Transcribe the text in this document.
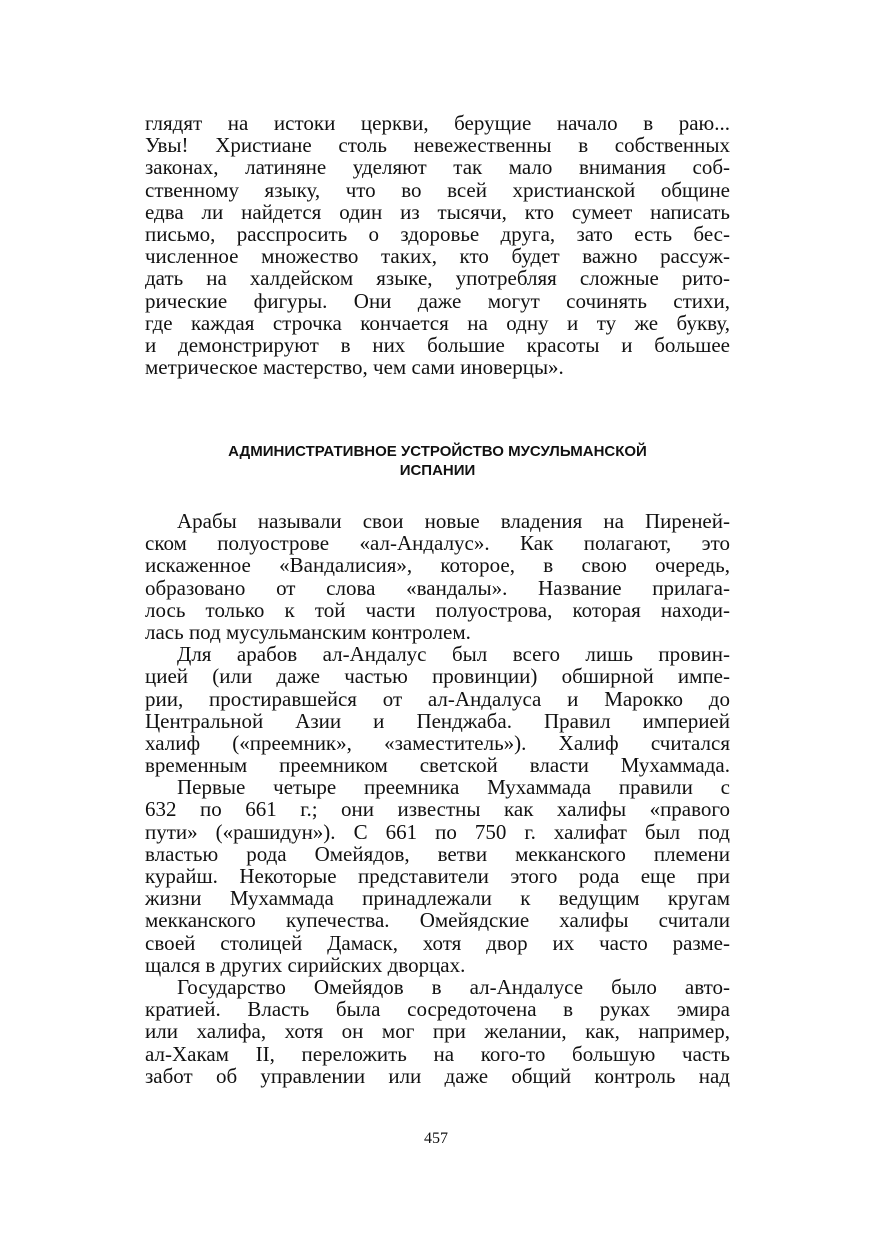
глядят на истоки церкви, берущие начало в раю...
Увы! Христиане столь невежественны в собственных
законах, латиняне уделяют так мало внимания соб-
ственному языку, что во всей христианской общине
едва ли найдется один из тысячи, кто сумеет написать
письмо, расспросить о здоровье друга, зато есть бес-
численное множество таких, кто будет важно рассуж-
дать на халдейском языке, употребляя сложные рито-
рические фигуры. Они даже могут сочинять стихи,
где каждая строчка кончается на одну и ту же букву,
и демонстрируют в них большие красоты и большее
метрическое мастерство, чем сами иноверцы».
АДМИНИСТРАТИВНОЕ УСТРОЙСТВО МУСУЛЬМАНСКОЙ
ИСПАНИИ
Арабы называли свои новые владения на Пиреней-
ском полуострове «ал-Андалус». Как полагают, это
искаженное «Вандалисия», которое, в свою очередь,
образовано от слова «вандалы». Название прилага-
лось только к той части полуострова, которая находи-
лась под мусульманским контролем.
Для арабов ал-Андалус был всего лишь провин-
цией (или даже частью провинции) обширной импе-
рии, простиравшейся от ал-Андалуса и Марокко до
Центральной Азии и Пенджаба. Правил империей
халиф («преемник», «заместитель»). Халиф считался
временным преемником светской власти Мухаммада.
Первые четыре преемника Мухаммада правили с
632 по 661 г.; они известны как халифы «правого
пути» («рашидун»). С 661 по 750 г. халифат был под
властью рода Омейядов, ветви мекканского племени
курайш. Некоторые представители этого рода еще при
жизни Мухаммада принадлежали к ведущим кругам
мекканского купечества. Омейядские халифы считали
своей столицей Дамаск, хотя двор их часто разме-
щался в других сирийских дворцах.
Государство Омейядов в ал-Андалусе было авто-
кратией. Власть была сосредоточена в руках эмира
или халифа, хотя он мог при желании, как, например,
ал-Хакам II, переложить на кого-то большую часть
забот об управлении или даже общий контроль над
457
